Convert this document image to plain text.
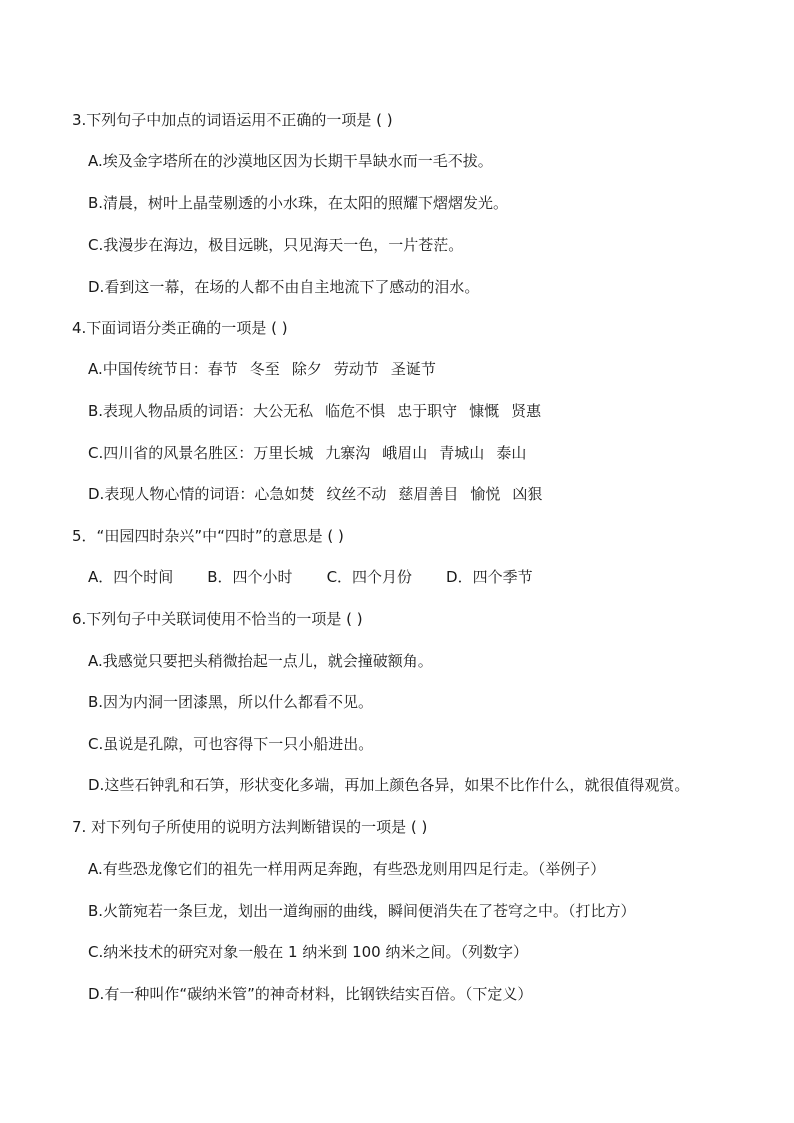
3.下列句子中加点的词语运用不正确的一项是 ( )
A.埃及金字塔所在的沙漠地区因为长期干旱缺水而一毛不拔。
B.清晨，树叶上晶莹剔透的小水珠，在太阳的照耀下熠熠发光。
C.我漫步在海边，极目远眺，只见海天一色，一片苍茫。
D.看到这一幕，在场的人都不由自主地流下了感动的泪水。
4.下面词语分类正确的一项是 ( )
A.中国传统节日：春节 冬至 除夕 劳动节 圣诞节
B.表现人物品质的词语：大公无私 临危不惧 忠于职守 慷慨 贤惠
C.四川省的风景名胜区：万里长城 九寨沟 峨眉山 青城山 泰山
D.表现人物心情的词语：心急如焚 纹丝不动 慈眉善目 愉悦 凶狠
5．“田园四时杂兴”中“四时”的意思是 ( )
A．四个时间 B．四个小时 C．四个月份 D．四个季节
6.下列句子中关联词使用不恰当的一项是 ( )
A.我感觉只要把头稍微抬起一点儿，就会撞破额角。
B.因为内洞一团漆黑，所以什么都看不见。
C.虽说是孔隙，可也容得下一只小船进出。
D.这些石钟乳和石笋，形状变化多端，再加上颜色各异，如果不比作什么，就很值得观赏。
7. 对下列句子所使用的说明方法判断错误的一项是 ( )
A.有些恐龙像它们的祖先一样用两足奔跑，有些恐龙则用四足行走。（举例子）
B.火箭宛若一条巨龙，划出一道绚丽的曲线，瞬间便消失在了苍穹之中。（打比方）
C.纳米技术的研究对象一般在 1 纳米到 100 纳米之间。（列数字）
D.有一种叫作“碳纳米管”的神奇材料，比钢铁结实百倍。（下定义）
